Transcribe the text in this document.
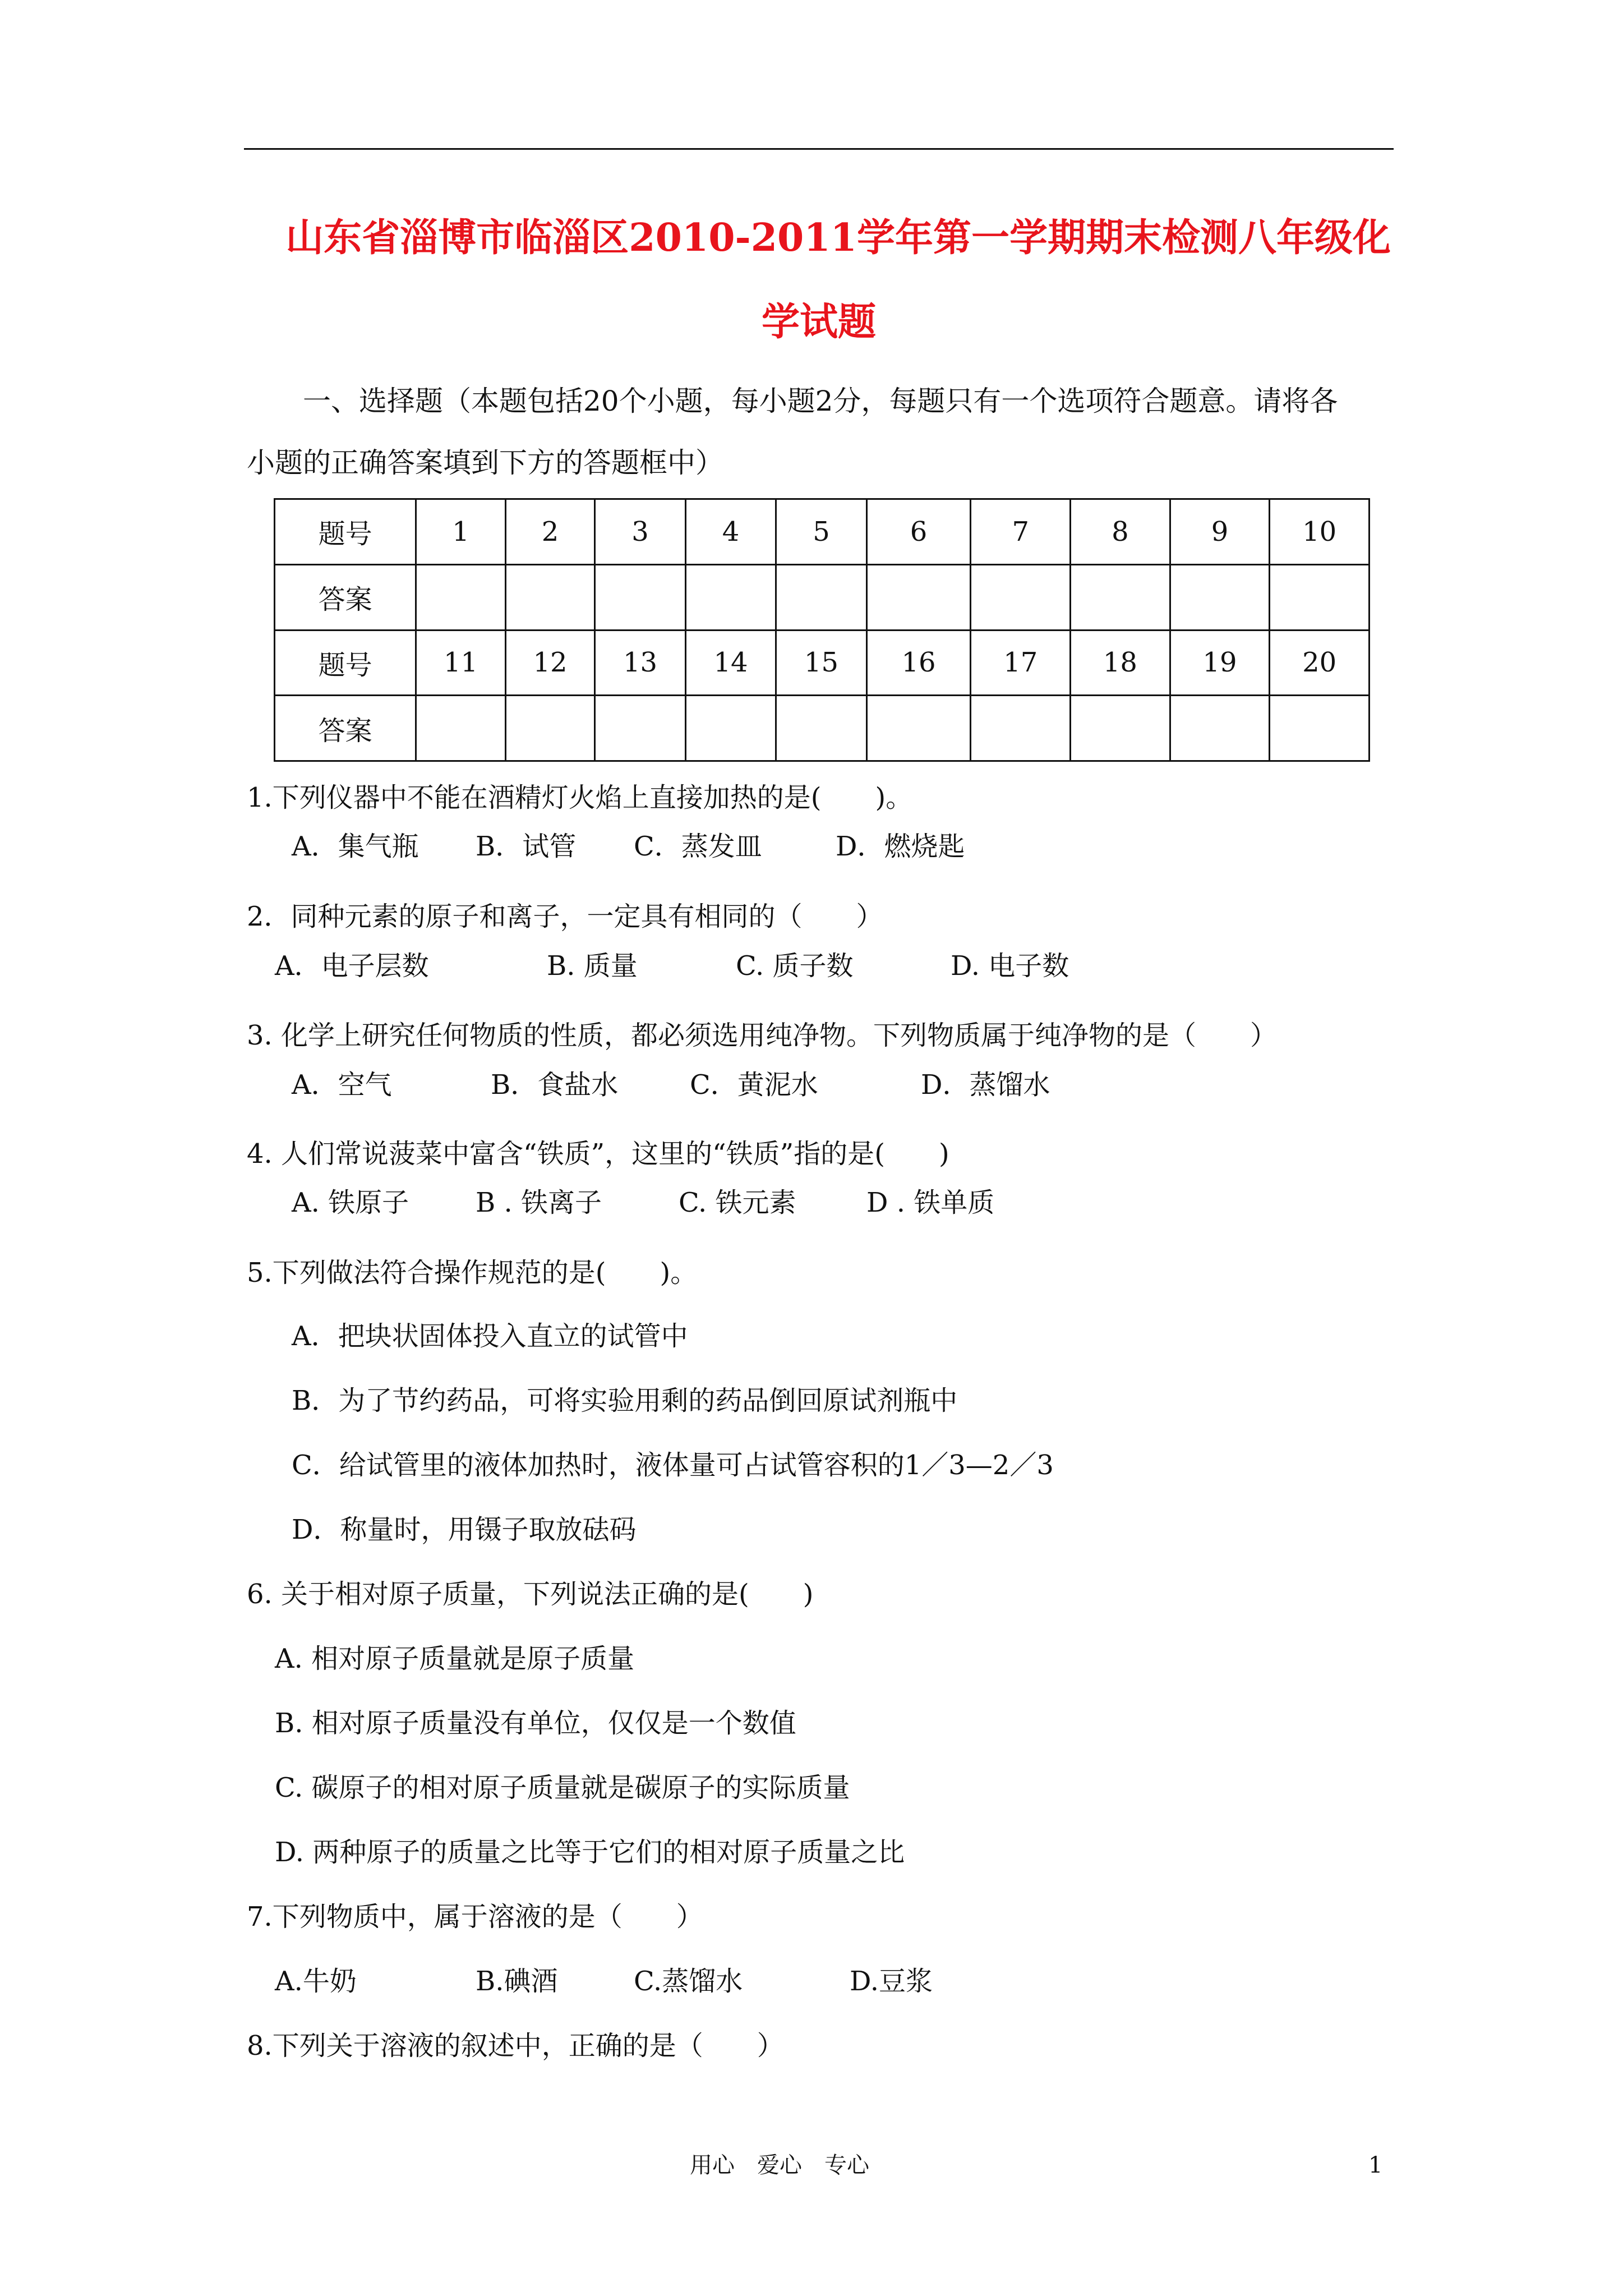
山东省淄博市临淄区2010-2011学年第一学期期末检测八年级化
学试题
一、选择题（本题包括20个小题，每小题2分，每题只有一个选项符合题意。请将各
小题的正确答案填到下方的答题框中）
题号	1	2	3	4	5	6	7	8	9	10
答案										
题号	11	12	13	14	15	16	17	18	19	20
答案										
1.下列仪器中不能在酒精灯火焰上直接加热的是(　　)。
A．集气瓶 B．试管 C．蒸发皿	D．燃烧匙
2．同种元素的原子和离子，一定具有相同的（　　）
A．电子层数	B. 质量	C. 质子数	D. 电子数
3. 化学上研究任何物质的性质，都必须选用纯净物。下列物质属于纯净物的是（　　）
A．空气	B．食盐水	C．黄泥水	D．蒸馏水
4. 人们常说菠菜中富含“铁质”，这里的“铁质”指的是(　　)
A. 铁原子 B . 铁离子	C. 铁元素	D . 铁单质
5.下列做法符合操作规范的是(　　)。
A．把块状固体投入直立的试管中
B．为了节约药品，可将实验用剩的药品倒回原试剂瓶中
C．给试管里的液体加热时，液体量可占试管容积的1／3—2／3
D．称量时，用镊子取放砝码
6. 关于相对原子质量，下列说法正确的是(　　)
A. 相对原子质量就是原子质量
B. 相对原子质量没有单位，仅仅是一个数值
C. 碳原子的相对原子质量就是碳原子的实际质量
D. 两种原子的质量之比等于它们的相对原子质量之比
7.下列物质中，属于溶液的是（　　）
A.牛奶	B.碘酒	C.蒸馏水	D.豆浆
8.下列关于溶液的叙述中，正确的是（　　）
用心　爱心　专心	1
